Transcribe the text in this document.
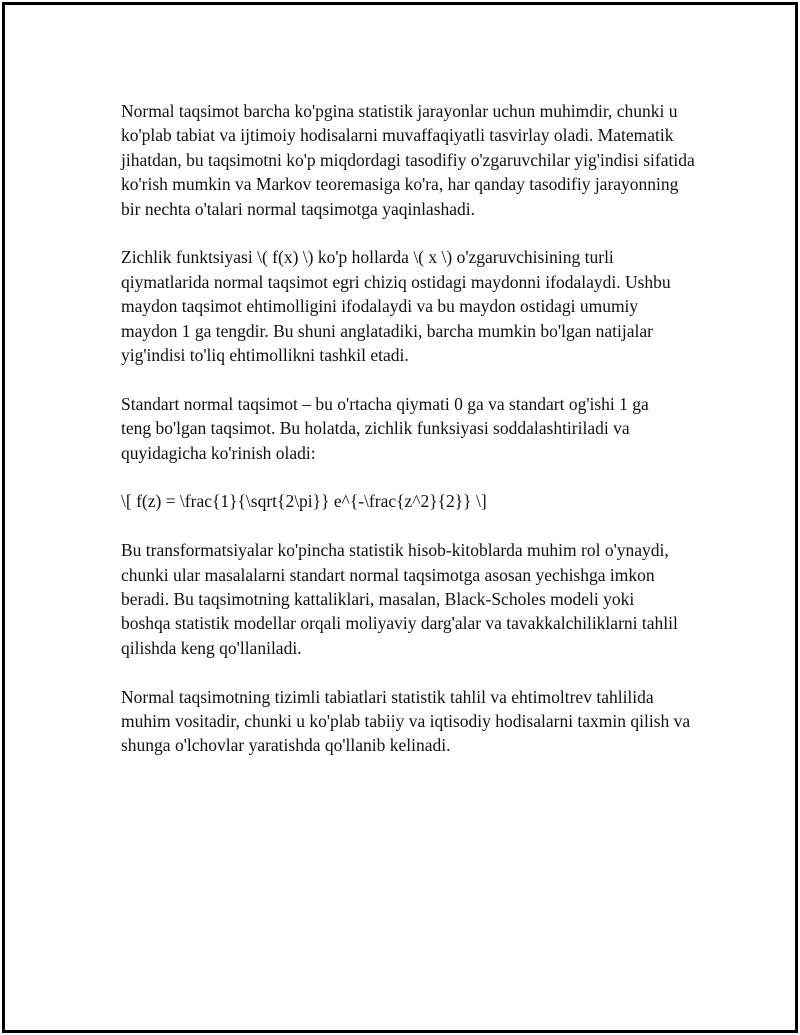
Normal taqsimot barcha ko'pgina statistik jarayonlar uchun muhimdir, chunki u ko'plab tabiat va ijtimoiy hodisalarni muvaffaqiyatli tasvirlay oladi. Matematik jihatdan, bu taqsimotni ko'p miqdordagi tasodifiy o'zgaruvchilar yig'indisi sifatida ko'rish mumkin va Markov teoremasiga ko'ra, har qanday tasodifiy jarayonning bir nechta o'talari normal taqsimotga yaqinlashadi.

Zichlik funktsiyasi \( f(x) \) ko'p hollarda \( x \) o'zgaruvchisining turli qiymatlarida normal taqsimot egri chiziq ostidagi maydonni ifodalaydi. Ushbu maydon taqsimot ehtimolligini ifodalaydi va bu maydon ostidagi umumiy maydon 1 ga tengdir. Bu shuni anglatadiki, barcha mumkin bo'lgan natijalar yig'indisi to'liq ehtimollikni tashkil etadi.

Standart normal taqsimot – bu o'rtacha qiymati 0 ga va standart og'ishi 1 ga teng bo'lgan taqsimot. Bu holatda, zichlik funksiyasi soddalashtiriladi va quyidagicha ko'rinish oladi:

\[ f(z) = \frac{1}{\sqrt{2\pi}} e^{-\frac{z^2}{2}} \]

Bu transformatsiyalar ko'pincha statistik hisob-kitoblarda muhim rol o'ynaydi, chunki ular masalalarni standart normal taqsimotga asosan yechishga imkon beradi. Bu taqsimotning kattaliklari, masalan, Black-Scholes modeli yoki boshqa statistik modellar orqali moliyaviy darg'alar va tavakkalchiliklarni tahlil qilishda keng qo'llaniladi.

Normal taqsimotning tizimli tabiatlari statistik tahlil va ehtimoltrev tahlilida muhim vositadir, chunki u ko'plab tabiiy va iqtisodiy hodisalarni taxmin qilish va shunga o'lchovlar yaratishda qo'llanib kelinadi.
